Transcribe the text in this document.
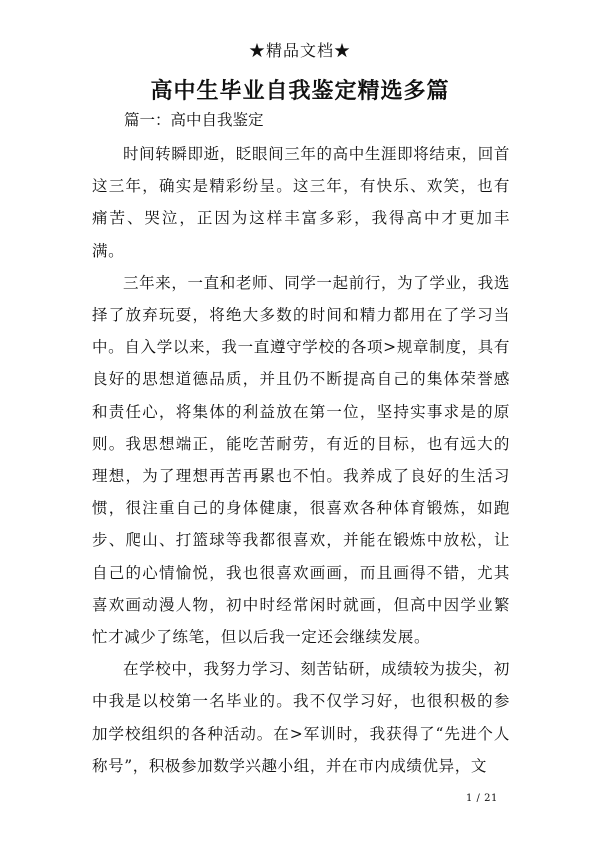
★精品文档★
高中生毕业自我鉴定精选多篇
篇一：高中自我鉴定

时间转瞬即逝，眨眼间三年的高中生涯即将结束，回首这三年，确实是精彩纷呈。这三年，有快乐、欢笑，也有痛苦、哭泣，正因为这样丰富多彩，我得高中才更加丰满。

三年来，一直和老师、同学一起前行，为了学业，我选择了放弃玩耍，将绝大多数的时间和精力都用在了学习当中。自入学以来，我一直遵守学校的各项>规章制度，具有良好的思想道德品质，并且仍不断提高自己的集体荣誉感和责任心，将集体的利益放在第一位，坚持实事求是的原则。我思想端正，能吃苦耐劳，有近的目标，也有远大的理想，为了理想再苦再累也不怕。我养成了良好的生活习惯，很注重自己的身体健康，很喜欢各种体育锻炼，如跑步、爬山、打篮球等我都很喜欢，并能在锻炼中放松，让自己的心情愉悦，我也很喜欢画画，而且画得不错，尤其喜欢画动漫人物，初中时经常闲时就画，但高中因学业繁忙才减少了练笔，但以后我一定还会继续发展。

在学校中，我努力学习、刻苦钻研，成绩较为拔尖，初中我是以校第一名毕业的。我不仅学习好，也很积极的参加学校组织的各种活动。在>军训时，我获得了“先进个人称号”，积极参加数学兴趣小组，并在市内成绩优异，文

1 / 21
